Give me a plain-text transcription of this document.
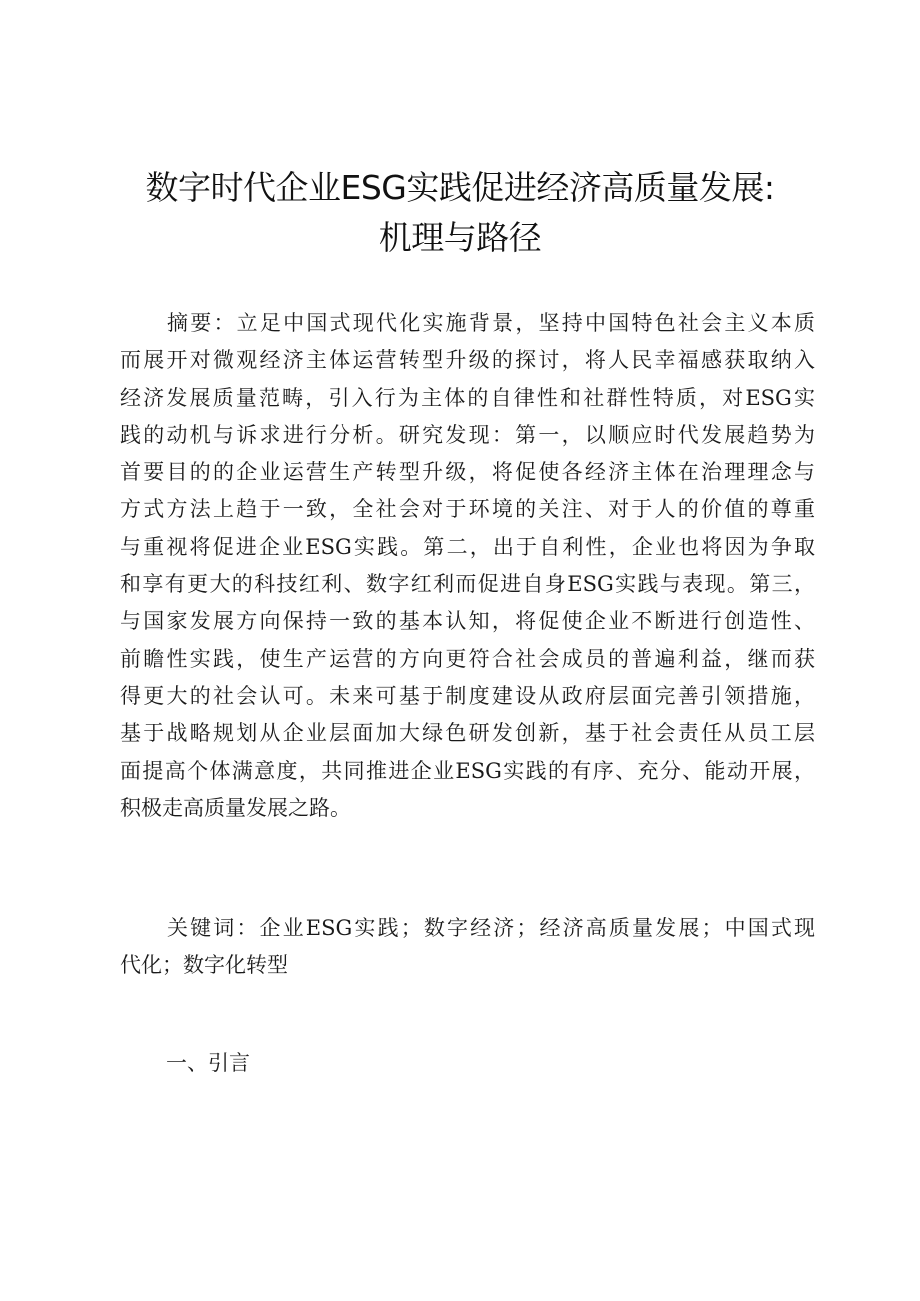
数字时代企业ESG实践促进经济高质量发展:
机理与路径
摘要：立足中国式现代化实施背景，坚持中国特色社会主义本质
而展开对微观经济主体运营转型升级的探讨，将人民幸福感获取纳入
经济发展质量范畴，引入行为主体的自律性和社群性特质，对ESG实
践的动机与诉求进行分析。研究发现：第一，以顺应时代发展趋势为
首要目的的企业运营生产转型升级，将促使各经济主体在治理理念与
方式方法上趋于一致，全社会对于环境的关注、对于人的价值的尊重
与重视将促进企业ESG实践。第二，出于自利性，企业也将因为争取
和享有更大的科技红利、数字红利而促进自身ESG实践与表现。第三，
与国家发展方向保持一致的基本认知，将促使企业不断进行创造性、
前瞻性实践，使生产运营的方向更符合社会成员的普遍利益，继而获
得更大的社会认可。未来可基于制度建设从政府层面完善引领措施，
基于战略规划从企业层面加大绿色研发创新，基于社会责任从员工层
面提高个体满意度，共同推进企业ESG实践的有序、充分、能动开展，
积极走高质量发展之路。
关键词：企业ESG实践；数字经济；经济高质量发展；中国式现
代化；数字化转型
一、引言
